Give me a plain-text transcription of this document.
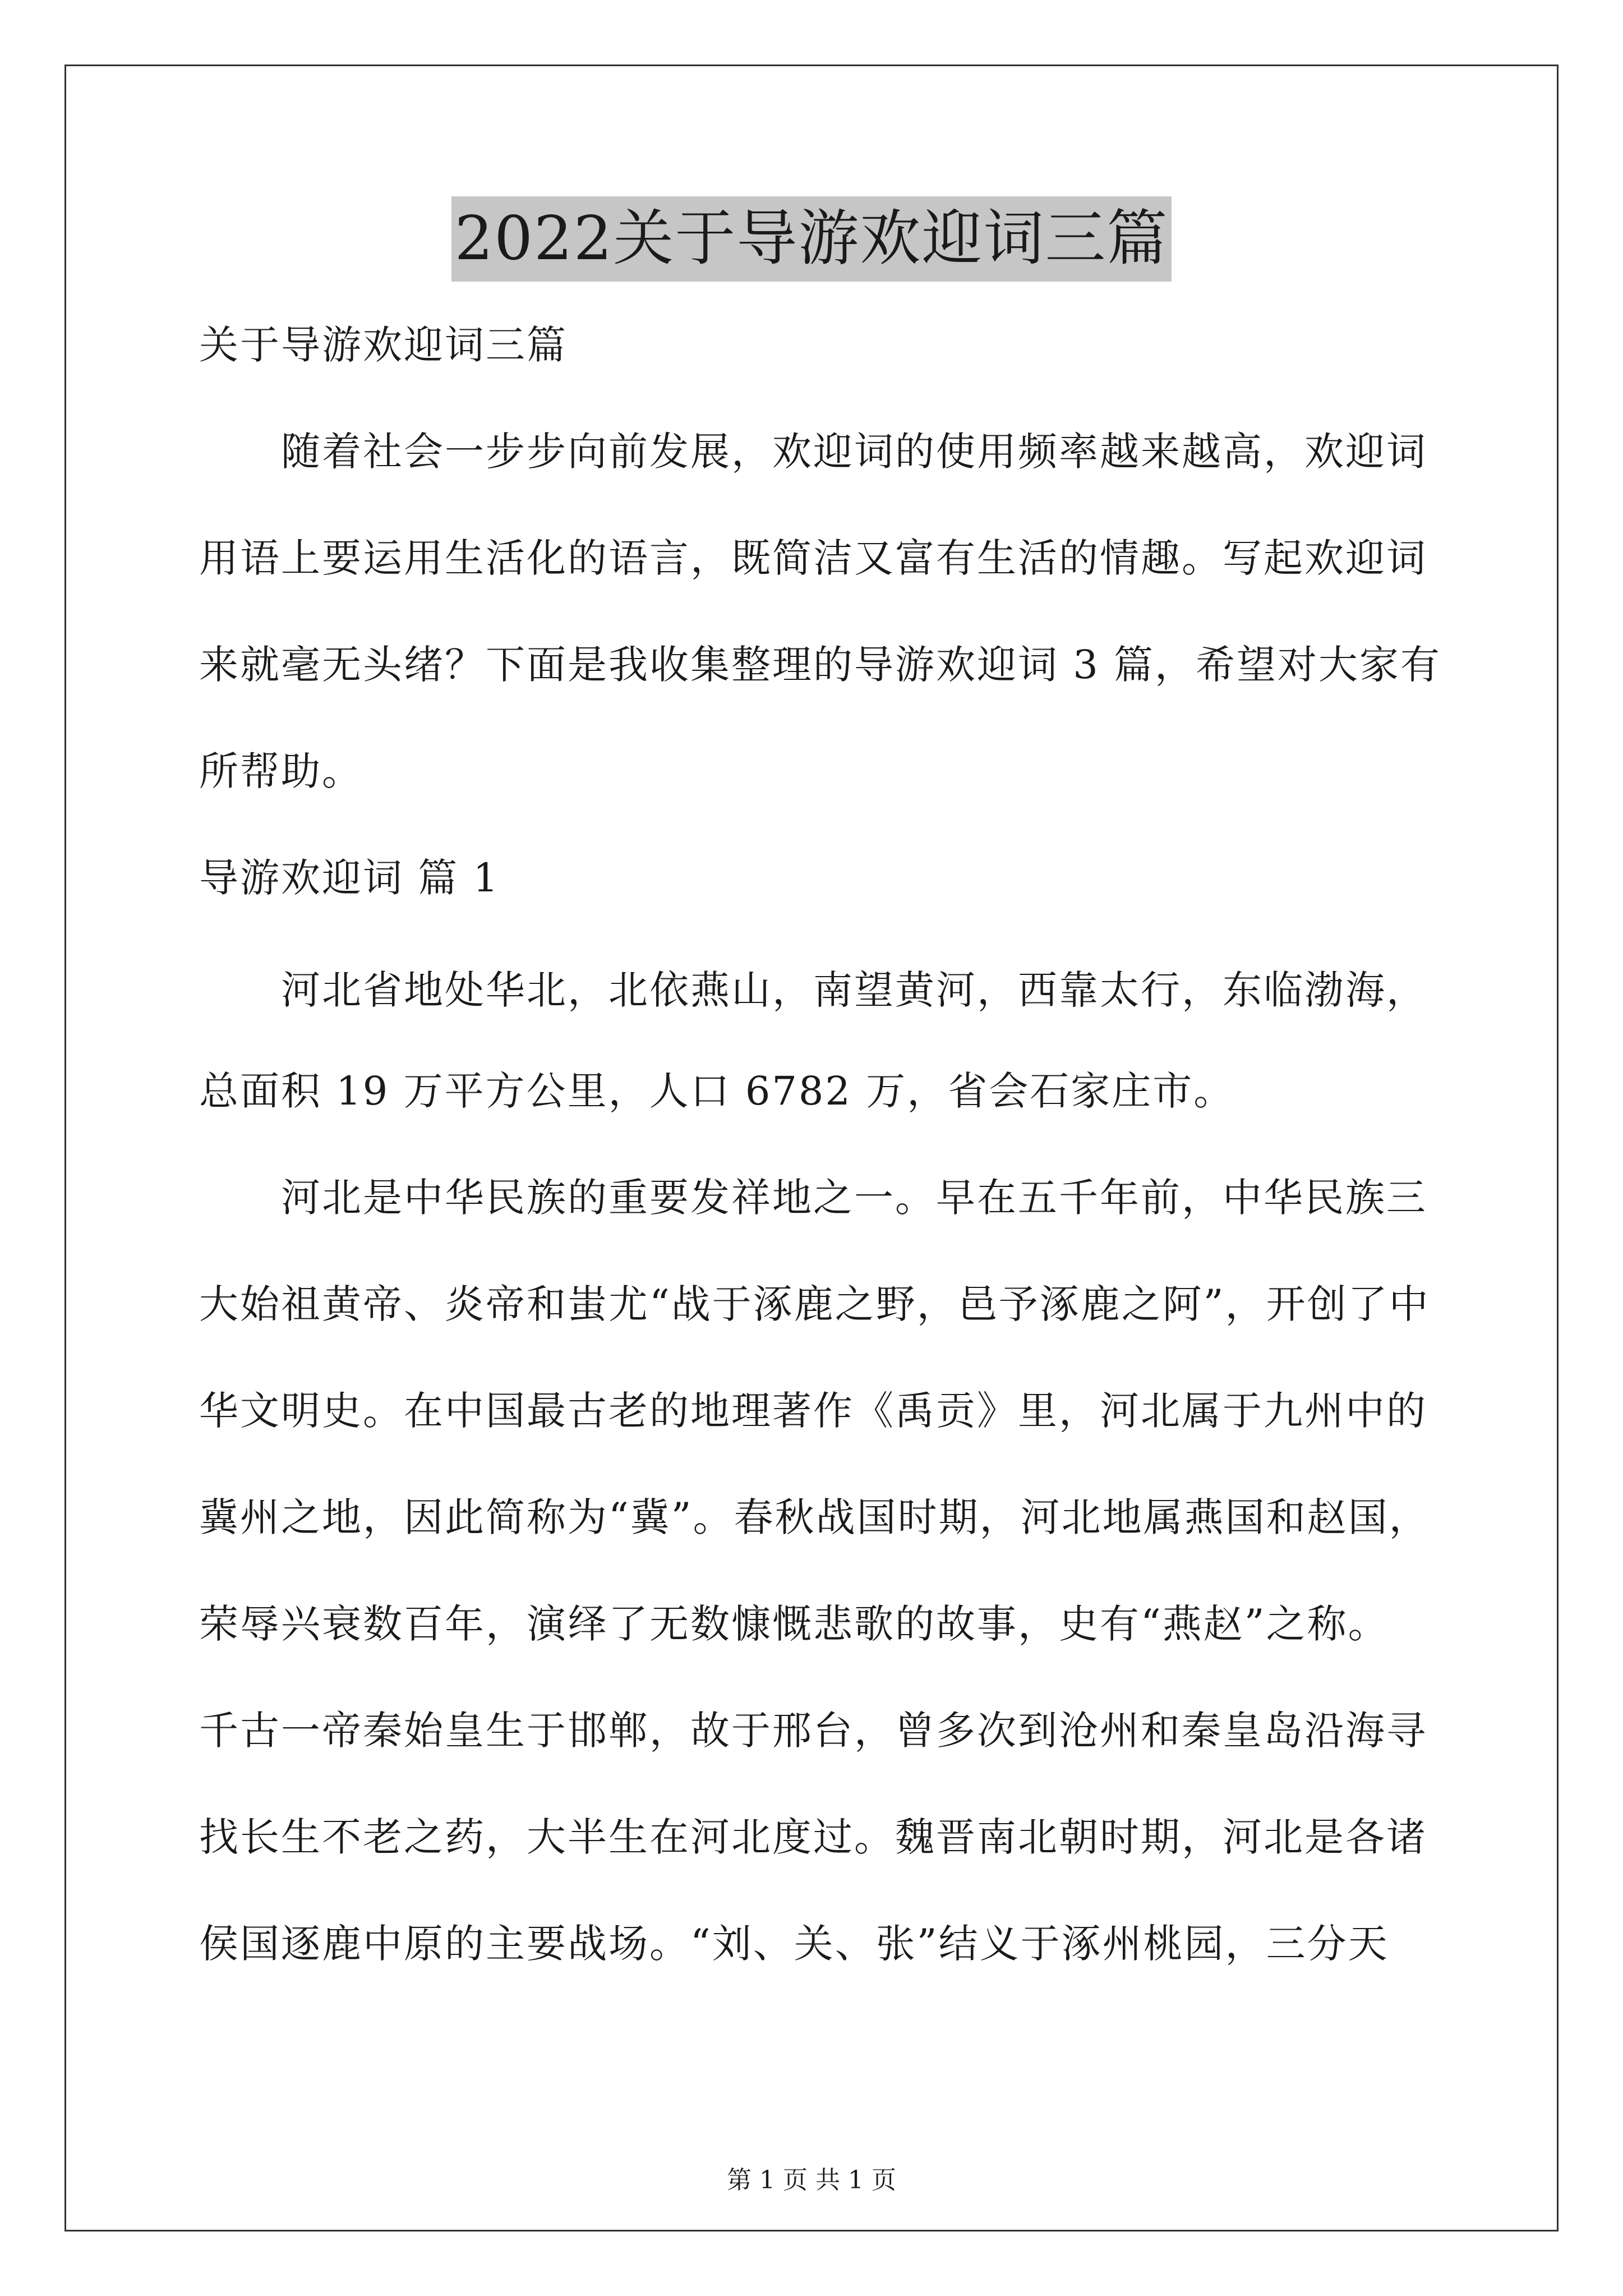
2022关于导游欢迎词三篇
关于导游欢迎词三篇
随着社会一步步向前发展，欢迎词的使用频率越来越高，欢迎词
用语上要运用生活化的语言，既简洁又富有生活的情趣。写起欢迎词
来就毫无头绪？下面是我收集整理的导游欢迎词 3 篇，希望对大家有
所帮助。
导游欢迎词 篇 1
河北省地处华北，北依燕山，南望黄河，西靠太行，东临渤海，
总面积 19 万平方公里，人口 6782 万，省会石家庄市。
河北是中华民族的重要发祥地之一。早在五千年前，中华民族三
大始祖黄帝、炎帝和蚩尤“战于涿鹿之野，邑予涿鹿之阿”，开创了中
华文明史。在中国最古老的地理著作《禹贡》里，河北属于九州中的
冀州之地，因此简称为“冀”。春秋战国时期，河北地属燕国和赵国，
荣辱兴衰数百年，演绎了无数慷慨悲歌的故事，史有“燕赵”之称。
千古一帝秦始皇生于邯郸，故于邢台，曾多次到沧州和秦皇岛沿海寻
找长生不老之药，大半生在河北度过。魏晋南北朝时期，河北是各诸
侯国逐鹿中原的主要战场。“刘、关、张”结义于涿州桃园，三分天
第 1 页 共 1 页
